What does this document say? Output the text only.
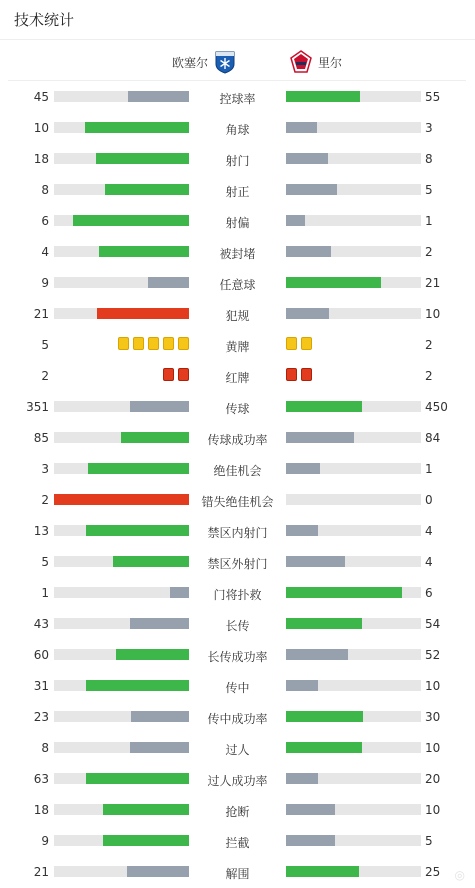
技术统计
欧塞尔	里尔
45	控球率	55
10	角球	3
18	射门	8
8	射正	5
6	射偏	1
4	被封堵	2
9	任意球	21
21	犯规	10
5	黄牌	2
2	红牌	2
351	传球	450
85	传球成功率	84
3	绝佳机会	1
2	错失绝佳机会	0
13	禁区内射门	4
5	禁区外射门	4
1	门将扑救	6
43	长传	54
60	长传成功率	52
31	传中	10
23	传中成功率	30
8	过人	10
63	过人成功率	20
18	抢断	10
9	拦截	5
21	解围	25 ◎
